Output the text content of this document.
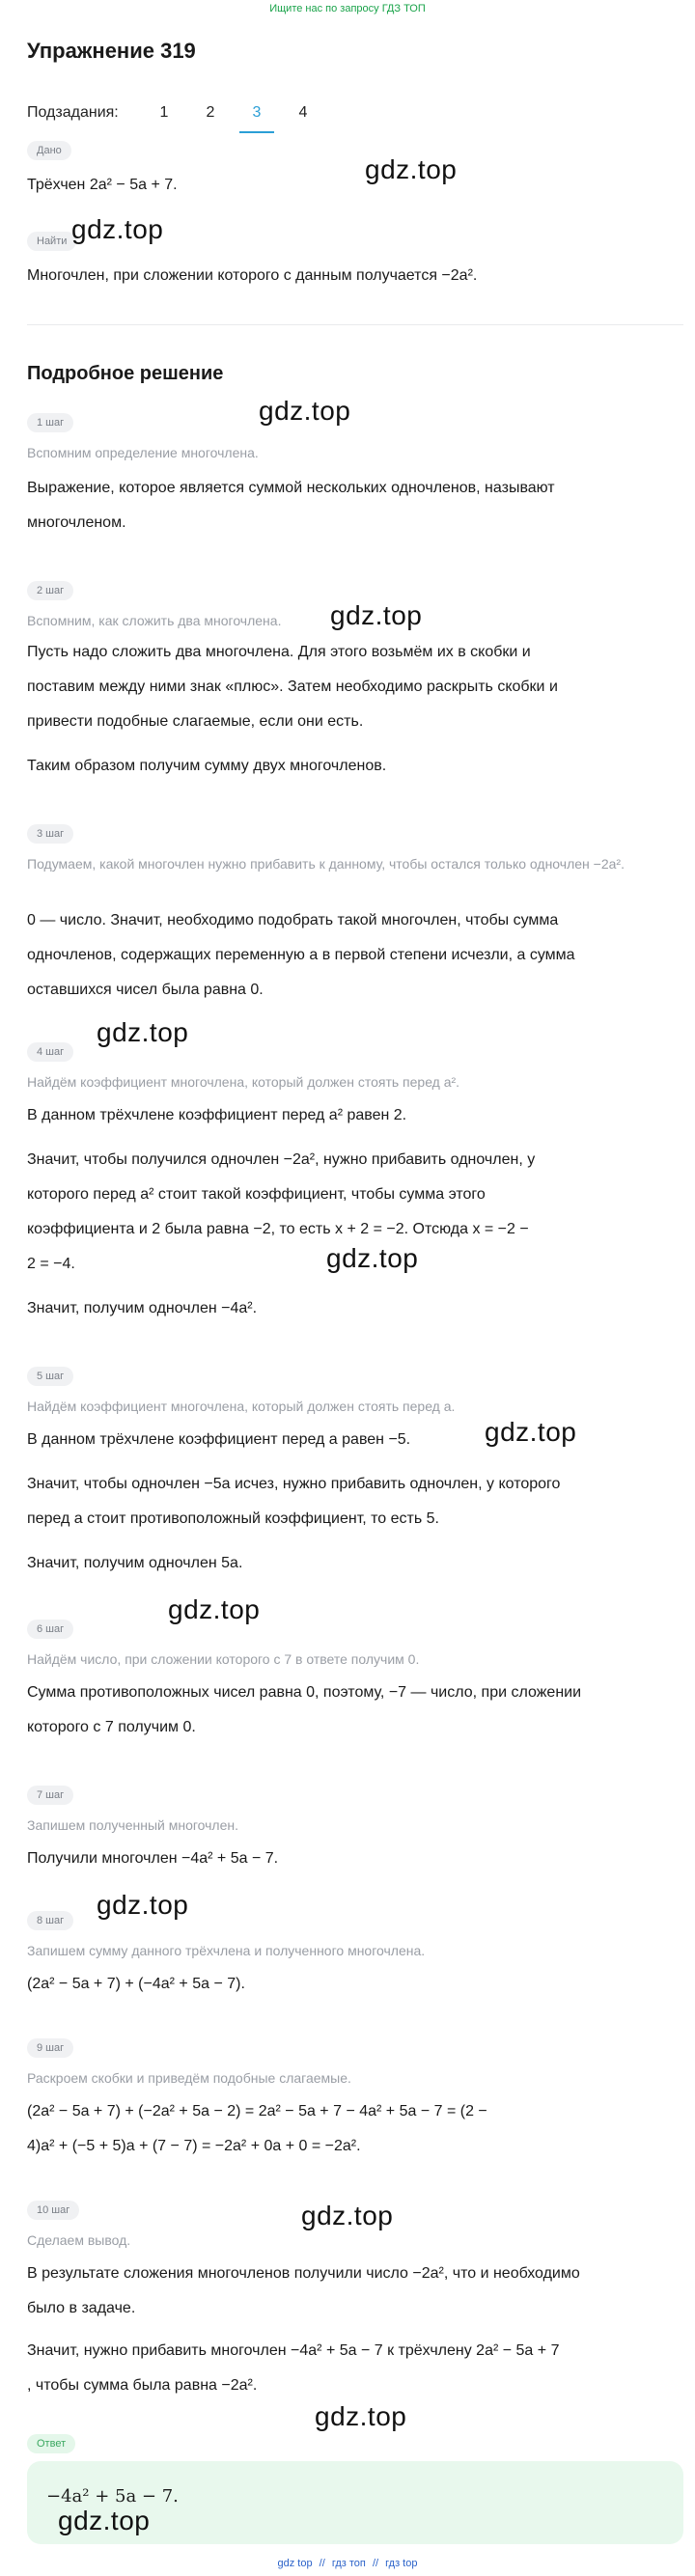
Ищите нас по запросу ГДЗ ТОП
Упражнение 319
Подзадания:	1	2	3	4
Дано
Трёхчен 2a² − 5a + 7.
Найти
Многочлен, при сложении которого с данным получается −2a².
Подробное решение
1 шаг
Вспомним определение многочлена.
Выражение, которое является суммой нескольких одночленов, называют
многочленом.
2 шаг
Вспомним, как сложить два многочлена.
Пусть надо сложить два многочлена. Для этого возьмём их в скобки и
поставим между ними знак «плюс». Затем необходимо раскрыть скобки и
привести подобные слагаемые, если они есть.
Таким образом получим сумму двух многочленов.
3 шаг
Подумаем, какой многочлен нужно прибавить к данному, чтобы остался только одночлен −2a².
0 — число. Значит, необходимо подобрать такой многочлен, чтобы сумма
одночленов, содержащих переменную a в первой степени исчезли, а сумма
оставшихся чисел была равна 0.
4 шаг
Найдём коэффициент многочлена, который должен стоять перед a².
В данном трёхчлене коэффициент перед a² равен 2.
Значит, чтобы получился одночлен −2a², нужно прибавить одночлен, у
которого перед a² стоит такой коэффициент, чтобы сумма этого
коэффициента и 2 была равна −2, то есть x + 2 = −2. Отсюда x = −2 −
2 = −4.
Значит, получим одночлен −4a².
5 шаг
Найдём коэффициент многочлена, который должен стоять перед a.
В данном трёхчлене коэффициент перед a равен −5.
Значит, чтобы одночлен −5a исчез, нужно прибавить одночлен, у которого
перед a стоит противоположный коэффициент, то есть 5.
Значит, получим одночлен 5a.
6 шаг
Найдём число, при сложении которого с 7 в ответе получим 0.
Сумма противоположных чисел равна 0, поэтому, −7 — число, при сложении
которого с 7 получим 0.
7 шаг
Запишем полученный многочлен.
Получили многочлен −4a² + 5a − 7.
8 шаг
Запишем сумму данного трёхчлена и полученного многочлена.
(2a² − 5a + 7) + (−4a² + 5a − 7).
9 шаг
Раскроем скобки и приведём подобные слагаемые.
(2a² − 5a + 7) + (−2a² + 5a − 2) = 2a² − 5a + 7 − 4a² + 5a − 7 = (2 −
4)a² + (−5 + 5)a + (7 − 7) = −2a² + 0a + 0 = −2a².
10 шаг
Сделаем вывод.
В результате сложения многочленов получили число −2a², что и необходимо
было в задаче.
Значит, нужно прибавить многочлен −4a² + 5a − 7 к трёхчлену 2a² − 5a + 7
, чтобы сумма была равна −2a².
Ответ
−4a² + 5a − 7.
gdz.top
gdz.top
gdz.top
gdz.top
gdz.top
gdz.top
gdz.top
gdz.top
gdz.top
gdz.top
gdz.top
gdz.top
gdz top // гдз топ // гдз top
